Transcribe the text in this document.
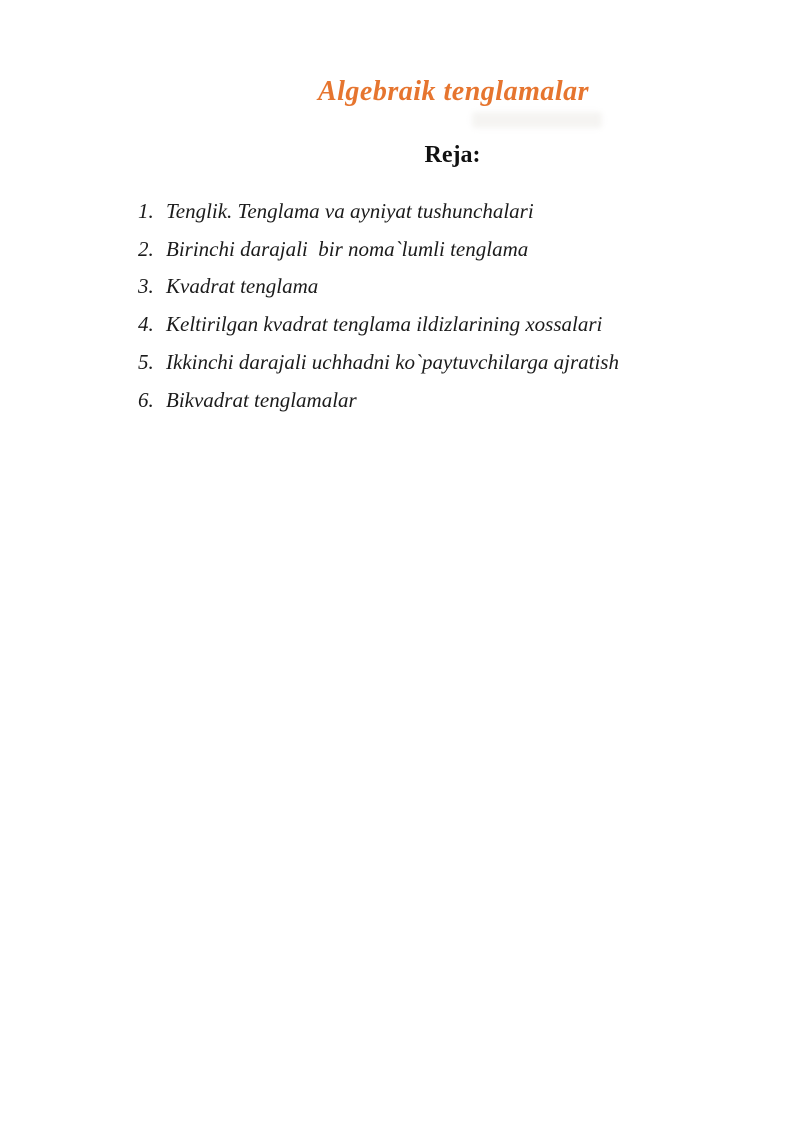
Algebraik tenglamalar
Reja:
1. Tenglik. Tenglama va ayniyat tushunchalari
2. Birinchi darajali  bir noma`lumli tenglama
3. Kvadrat tenglama
4. Keltirilgan kvadrat tenglama ildizlarining xossalari
5. Ikkinchi darajali uchhadni ko`paytuvchilarga ajratish
6. Bikvadrat tenglamalar
